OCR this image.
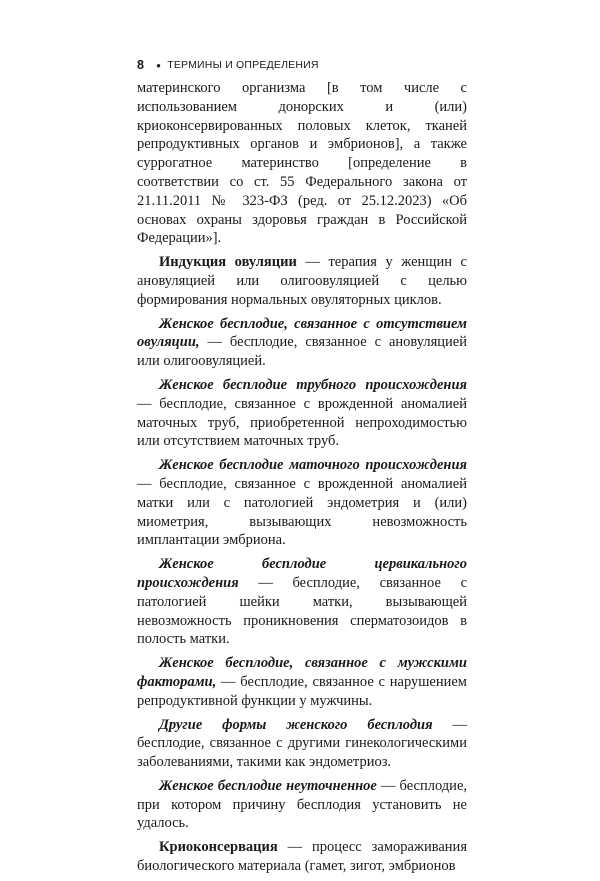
8 ● ТЕРМИНЫ И ОПРЕДЕЛЕНИЯ

материнского организма [в том числе с использованием донорских и (или) криоконсервированных половых клеток, тканей репродуктивных органов и эмбрионов], а также суррогатное материнство [определение в соответствии со ст. 55 Федерального закона от 21.11.2011 № 323-ФЗ (ред. от 25.12.2023) «Об основах охраны здоровья граждан в Российской Федерации»].

Индукция овуляции — терапия у женщин с ановуляцией или олигоовуляцией с целью формирования нормальных овуляторных циклов.

Женское бесплодие, связанное с отсутствием овуляции, — бесплодие, связанное с ановуляцией или олигоовуляцией.

Женское бесплодие трубного происхождения — бесплодие, связанное с врожденной аномалией маточных труб, приобретенной непроходимостью или отсутствием маточных труб.

Женское бесплодие маточного происхождения — бесплодие, связанное с врожденной аномалией матки или с патологией эндометрия и (или) миометрия, вызывающих невозможность имплантации эмбриона.

Женское бесплодие цервикального происхождения — бесплодие, связанное с патологией шейки матки, вызывающей невозможность проникновения сперматозоидов в полость матки.

Женское бесплодие, связанное с мужскими факторами, — бесплодие, связанное с нарушением репродуктивной функции у мужчины.

Другие формы женского бесплодия — бесплодие, связанное с другими гинекологическими заболеваниями, такими как эндометриоз.

Женское бесплодие неуточненное — бесплодие, при котором причину бесплодия установить не удалось.

Криоконсервация — процесс замораживания биологического материала (гамет, зигот, эмбрионов
